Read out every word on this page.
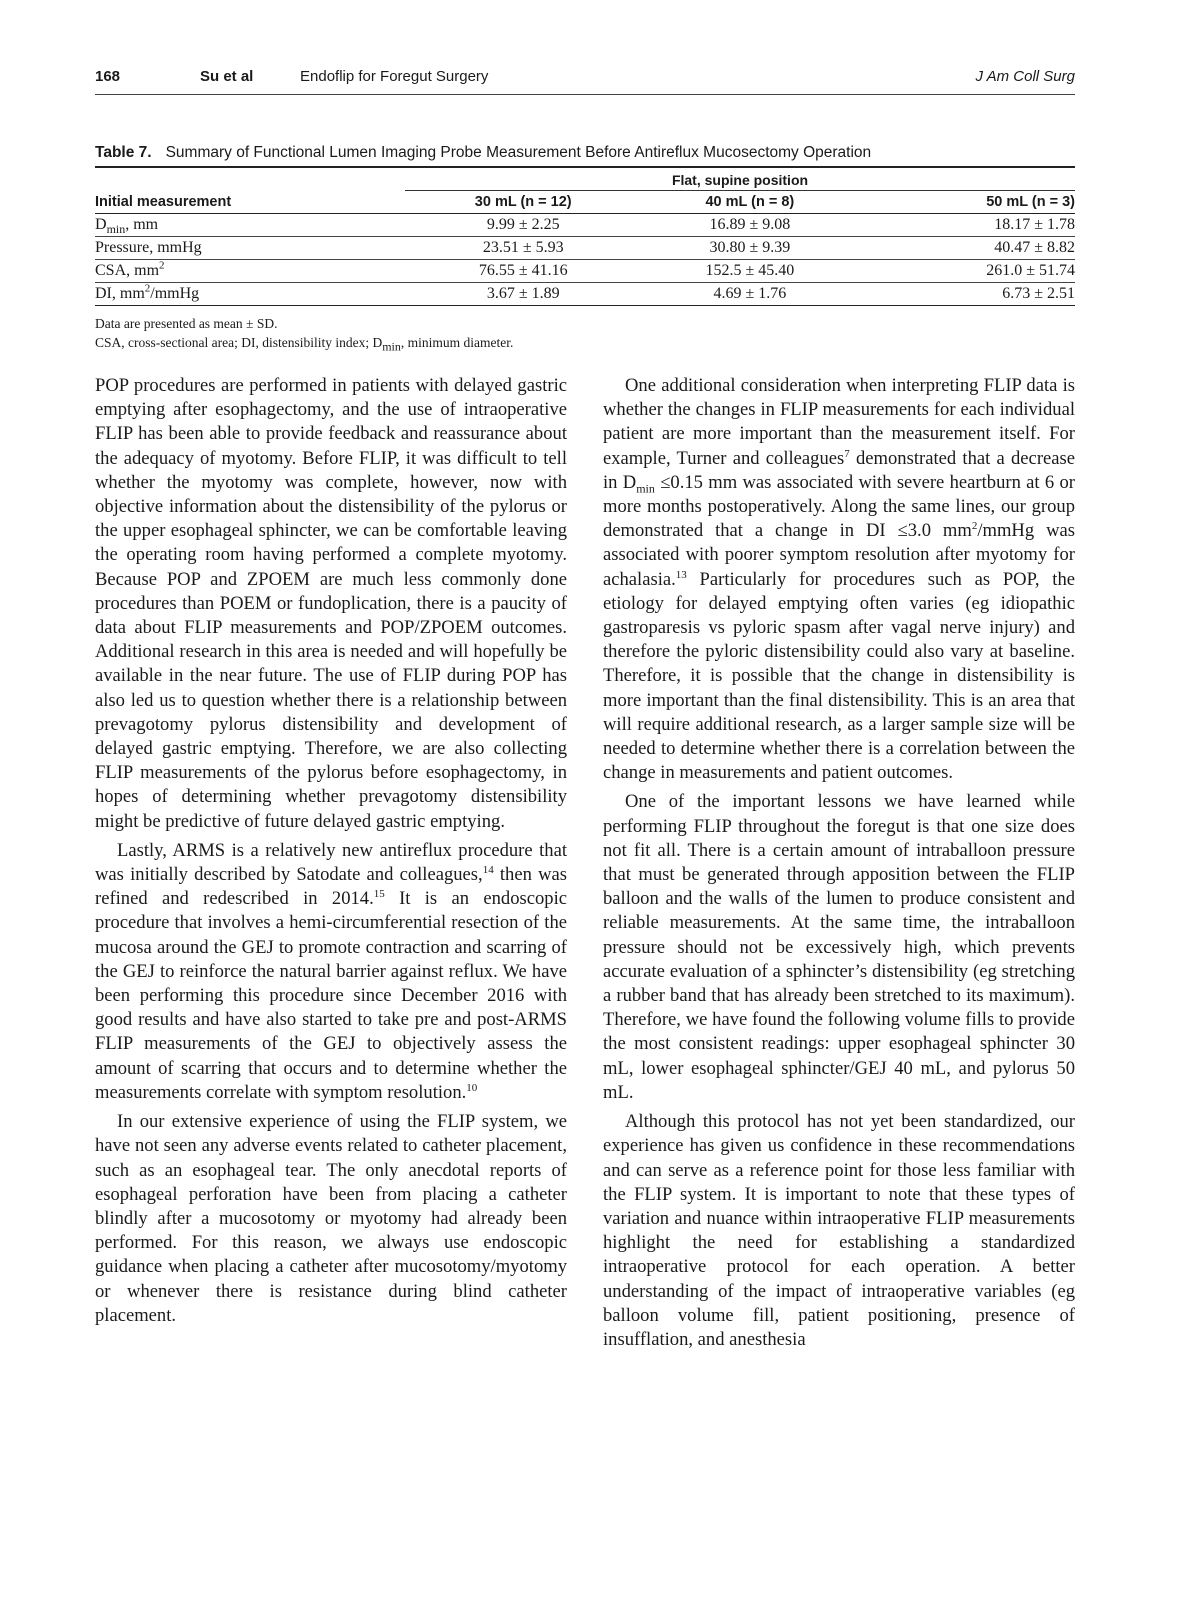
168	Su et al	Endoflip for Foregut Surgery	J Am Coll Surg
Table 7. Summary of Functional Lumen Imaging Probe Measurement Before Antireflux Mucosectomy Operation
	Flat, supine position		
Initial measurement	30 mL (n = 12)	40 mL (n = 8)	50 mL (n = 3)
$D_{min}$, mm	9.99 ± 2.25	16.89 ± 9.08	18.17 ± 1.78
Pressure, mmHg	23.51 ± 5.93	30.80 ± 9.39	40.47 ± 8.82
CSA, $mm^2$	76.55 ± 41.16	152.5 ± 45.40	261.0 ± 51.74
DI, $mm^2$/mmHg	3.67 ± 1.89	4.69 ± 1.76	6.73 ± 2.51
Data are presented as mean ± SD.
CSA, cross-sectional area; DI, distensibility index; $D_{min}$, minimum diameter.

POP procedures are performed in patients with delayed gastric emptying after esophagectomy, and the use of intraoperative FLIP has been able to provide feedback and reassurance about the adequacy of myotomy. Before FLIP, it was difficult to tell whether the myotomy was complete, however, now with objective information about the distensibility of the pylorus or the upper esophageal sphincter, we can be comfortable leaving the operating room having performed a complete myotomy. Because POP and ZPOEM are much less commonly done procedures than POEM or fundoplication, there is a paucity of data about FLIP measurements and POP/ZPOEM outcomes. Additional research in this area is needed and will hopefully be available in the near future. The use of FLIP during POP has also led us to question whether there is a relationship between prevagotomy pylorus distensibility and development of delayed gastric emptying. Therefore, we are also collecting FLIP measurements of the pylorus before esophagectomy, in hopes of determining whether prevagotomy distensibility might be predictive of future delayed gastric emptying.

Lastly, ARMS is a relatively new antireflux procedure that was initially described by Satodate and colleagues,$^{14}$ then was refined and redescribed in 2014.15 It is an endoscopic procedure that involves a hemi-circumferential resection of the mucosa around the GEJ to promote contraction and scarring of the GEJ to reinforce the natural barrier against reflux. We have been performing this procedure since December 2016 with good results and have also started to take pre and post-ARMS FLIP measurements of the GEJ to objectively assess the amount of scarring that occurs and to determine whether the measurements correlate with symptom resolution.$^{10}$

In our extensive experience of using the FLIP system, we have not seen any adverse events related to catheter placement, such as an esophageal tear. The only anecdotal reports of esophageal perforation have been from placing a catheter blindly after a mucosotomy or myotomy had already been performed. For this reason, we always use endoscopic guidance when placing a catheter after mucosotomy/myotomy or whenever there is resistance during blind catheter placement.

One additional consideration when interpreting FLIP data is whether the changes in FLIP measurements for each individual patient are more important than the measurement itself. For example, Turner and colleagues$^7$ demonstrated that a decrease in $D_{min} \le 0.15$ mm was associated with severe heartburn at 6 or more months postoperatively. Along the same lines, our group demonstrated that a change in DI ≤3.0 $mm^2$/mmHg was associated with poorer symptom resolution after myotomy for achalasia.$^{13}$ Particularly for procedures such as POP, the etiology for delayed emptying often varies (eg idiopathic gastroparesis vs pyloric spasm after vagal nerve injury) and therefore the pyloric distensibility could also vary at baseline. Therefore, it is possible that the change in distensibility is more important than the final distensibility. This is an area that will require additional research, as a larger sample size will be needed to determine whether there is a correlation between the change in measurements and patient outcomes.

One of the important lessons we have learned while performing FLIP throughout the foregut is that one size does not fit all. There is a certain amount of intraballoon pressure that must be generated through apposition between the FLIP balloon and the walls of the lumen to produce consistent and reliable measurements. At the same time, the intraballoon pressure should not be excessively high, which prevents accurate evaluation of a sphincter’s distensibility (eg stretching a rubber band that has already been stretched to its maximum). Therefore, we have found the following volume fills to provide the most consistent readings: upper esophageal sphincter 30 mL, lower esophageal sphincter/GEJ 40 mL, and pylorus 50 mL.

Although this protocol has not yet been standardized, our experience has given us confidence in these recommendations and can serve as a reference point for those less familiar with the FLIP system. It is important to note that these types of variation and nuance within intraoperative FLIP measurements highlight the need for establishing a standardized intraoperative protocol for each operation. A better understanding of the impact of intraoperative variables (eg balloon volume fill, patient positioning, presence of insufflation, and anesthesia
